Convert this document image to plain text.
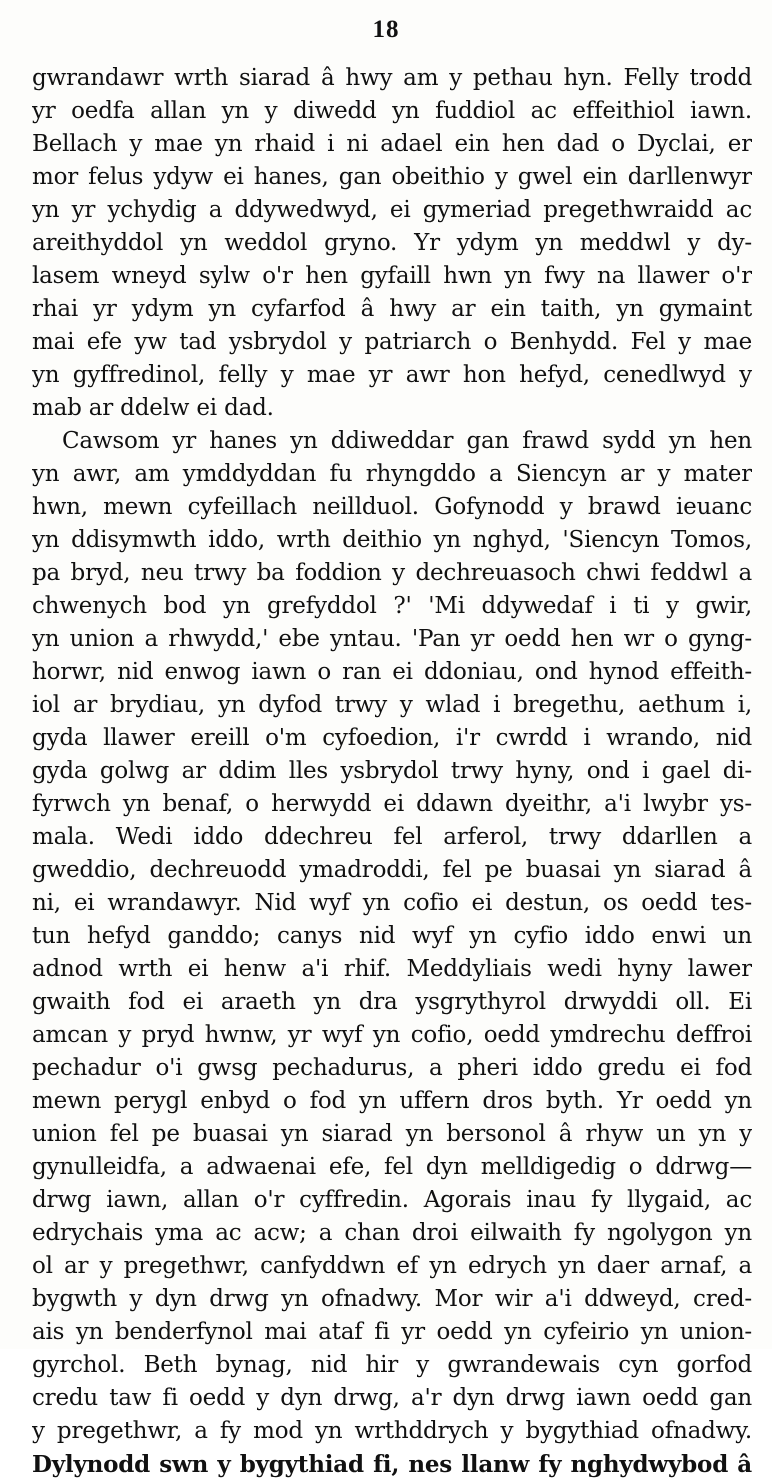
18
gwrandawr wrth siarad â hwy am y pethau hyn. Felly trodd
yr oedfa allan yn y diwedd yn fuddiol ac effeithiol iawn.
Bellach y mae yn rhaid i ni adael ein hen dad o Dyclai, er
mor felus ydyw ei hanes, gan obeithio y gwel ein darllenwyr
yn yr ychydig a ddywedwyd, ei gymeriad pregethwraidd ac
areithyddol yn weddol gryno. Yr ydym yn meddwl y dy-
lasem wneyd sylw o'r hen gyfaill hwn yn fwy na llawer o'r
rhai yr ydym yn cyfarfod â hwy ar ein taith, yn gymaint
mai efe yw tad ysbrydol y patriarch o Benhydd. Fel y mae
yn gyffredinol, felly y mae yr awr hon hefyd, cenedlwyd y
mab ar ddelw ei dad.
Cawsom yr hanes yn ddiweddar gan frawd sydd yn hen
yn awr, am ymddyddan fu rhyngddo a Siencyn ar y mater
hwn, mewn cyfeillach neillduol. Gofynodd y brawd ieuanc
yn ddisymwth iddo, wrth deithio yn nghyd, 'Siencyn Tomos,
pa bryd, neu trwy ba foddion y dechreuasoch chwi feddwl a
chwenych bod yn grefyddol ?' 'Mi ddywedaf i ti y gwir,
yn union a rhwydd,' ebe yntau. 'Pan yr oedd hen wr o gyng-
horwr, nid enwog iawn o ran ei ddoniau, ond hynod effeith-
iol ar brydiau, yn dyfod trwy y wlad i bregethu, aethum i,
gyda llawer ereill o'm cyfoedion, i'r cwrdd i wrando, nid
gyda golwg ar ddim lles ysbrydol trwy hyny, ond i gael di-
fyrwch yn benaf, o herwydd ei ddawn dyeithr, a'i lwybr ys-
mala. Wedi iddo ddechreu fel arferol, trwy ddarllen a
gweddio, dechreuodd ymadroddi, fel pe buasai yn siarad â
ni, ei wrandawyr. Nid wyf yn cofio ei destun, os oedd tes-
tun hefyd ganddo; canys nid wyf yn cyfio iddo enwi un
adnod wrth ei henw a'i rhif. Meddyliais wedi hyny lawer
gwaith fod ei araeth yn dra ysgrythyrol drwyddi oll. Ei
amcan y pryd hwnw, yr wyf yn cofio, oedd ymdrechu deffroi
pechadur o'i gwsg pechadurus, a pheri iddo gredu ei fod
mewn perygl enbyd o fod yn uffern dros byth. Yr oedd yn
union fel pe buasai yn siarad yn bersonol â rhyw un yn y
gynulleidfa, a adwaenai efe, fel dyn melldigedig o ddrwg—
drwg iawn, allan o'r cyffredin. Agorais inau fy llygaid, ac
edrychais yma ac acw; a chan droi eilwaith fy ngolygon yn
ol ar y pregethwr, canfyddwn ef yn edrych yn daer arnaf, a
bygwth y dyn drwg yn ofnadwy. Mor wir a'i ddweyd, cred-
ais yn benderfynol mai ataf fi yr oedd yn cyfeirio yn union-
gyrchol. Beth bynag, nid hir y gwrandewais cyn gorfod
credu taw fi oedd y dyn drwg, a'r dyn drwg iawn oedd gan
y pregethwr, a fy mod yn wrthddrych y bygythiad ofnadwy.
Dylynodd swn y bygythiad fi, nes llanw fy nghydwybod â
